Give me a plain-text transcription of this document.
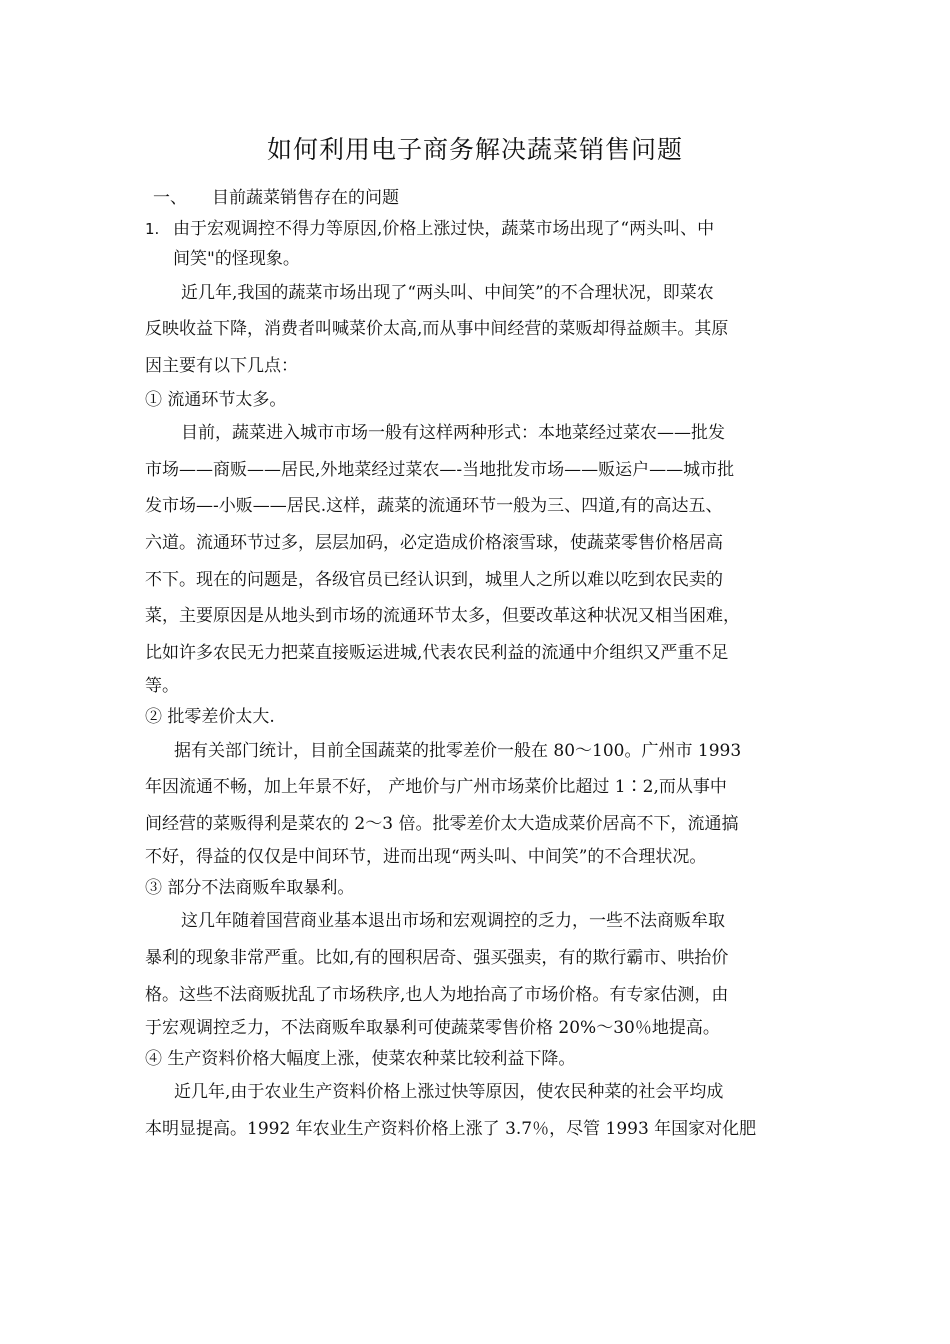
如何利用电子商务解决蔬菜销售问题
一、 目前蔬菜销售存在的问题
1. 由于宏观调控不得力等原因,价格上涨过快，蔬菜市场出现了“两头叫、中
间笑"的怪现象。
近几年,我国的蔬菜市场出现了“两头叫、中间笑”的不合理状况，即菜农
反映收益下降，消费者叫喊菜价太高,而从事中间经营的菜贩却得益颇丰。其原
因主要有以下几点：
① 流通环节太多。
目前，蔬菜进入城市市场一般有这样两种形式：本地菜经过菜农——批发
市场——商贩——居民,外地菜经过菜农—-当地批发市场——贩运户——城市批
发市场—-小贩——居民.这样，蔬菜的流通环节一般为三、四道,有的高达五、
六道。流通环节过多，层层加码，必定造成价格滚雪球，使蔬菜零售价格居高
不下。现在的问题是，各级官员已经认识到，城里人之所以难以吃到农民卖的
菜，主要原因是从地头到市场的流通环节太多，但要改革这种状况又相当困难，
比如许多农民无力把菜直接贩运进城,代表农民利益的流通中介组织又严重不足
等。
② 批零差价太大.
据有关部门统计，目前全国蔬菜的批零差价一般在 80～100。广州市 1993
年因流通不畅，加上年景不好， 产地价与广州市场菜价比超过 1∶2,而从事中
间经营的菜贩得利是菜农的 2～3 倍。批零差价太大造成菜价居高不下，流通搞
不好，得益的仅仅是中间环节，进而出现“两头叫、中间笑”的不合理状况。
③ 部分不法商贩牟取暴利。
这几年随着国营商业基本退出市场和宏观调控的乏力，一些不法商贩牟取
暴利的现象非常严重。比如,有的囤积居奇、强买强卖，有的欺行霸市、哄抬价
格。这些不法商贩扰乱了市场秩序,也人为地抬高了市场价格。有专家估测，由
于宏观调控乏力，不法商贩牟取暴利可使蔬菜零售价格 20%～30％地提高。
④ 生产资料价格大幅度上涨，使菜农种菜比较利益下降。
近几年,由于农业生产资料价格上涨过快等原因，使农民种菜的社会平均成
本明显提高。1992 年农业生产资料价格上涨了 3.7％，尽管 1993 年国家对化肥
